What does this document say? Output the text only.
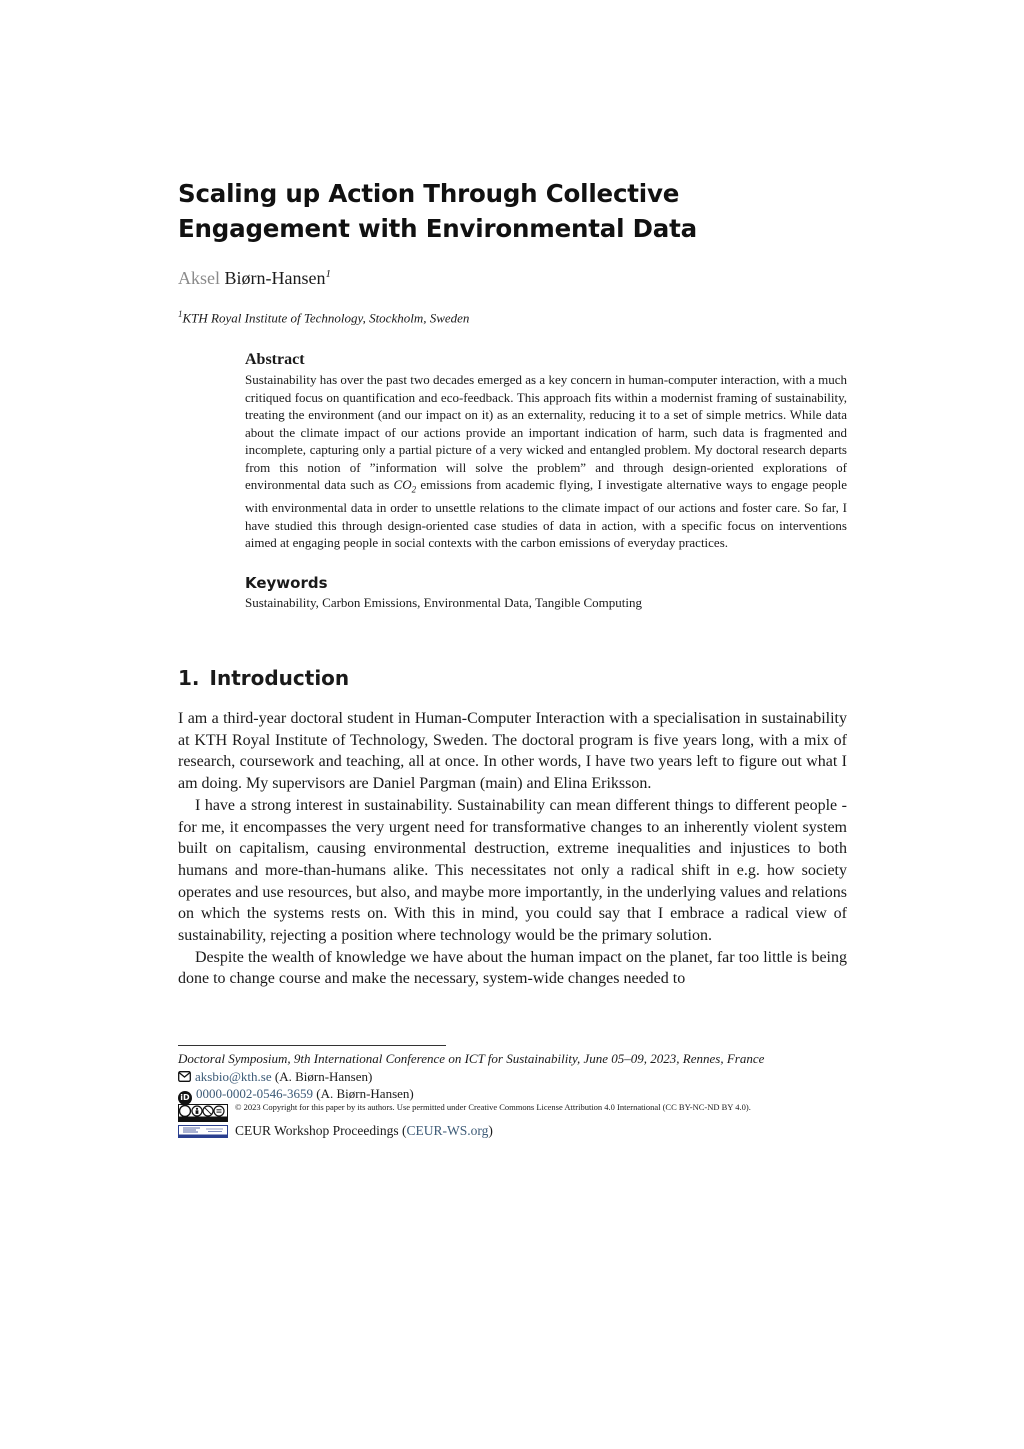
Scaling up Action Through Collective Engagement with Environmental Data

Aksel Biørn-Hansen$^1$

$^1$KTH Royal Institute of Technology, Stockholm, Sweden

Abstract

Sustainability has over the past two decades emerged as a key concern in human-computer interaction, with a much critiqued focus on quantification and eco-feedback. This approach fits within a modernist framing of sustainability, treating the environment (and our impact on it) as an externality, reducing it to a set of simple metrics. While data about the climate impact of our actions provide an important indication of harm, such data is fragmented and incomplete, capturing only a partial picture of a very wicked and entangled problem. My doctoral research departs from this notion of ”information will solve the problem” and through design-oriented explorations of environmental data such as $CO_2$ emissions from academic flying, I investigate alternative ways to engage people with environmental data in order to unsettle relations to the climate impact of our actions and foster care. So far, I have studied this through design-oriented case studies of data in action, with a specific focus on interventions aimed at engaging people in social contexts with the carbon emissions of everyday practices.

Keywords

Sustainability, Carbon Emissions, Environmental Data, Tangible Computing

1. Introduction

I am a third-year doctoral student in Human-Computer Interaction with a specialisation in sustainability at KTH Royal Institute of Technology, Sweden. The doctoral program is five years long, with a mix of research, coursework and teaching, all at once. In other words, I have two years left to figure out what I am doing. My supervisors are Daniel Pargman (main) and Elina Eriksson.

I have a strong interest in sustainability. Sustainability can mean different things to different people - for me, it encompasses the very urgent need for transformative changes to an inherently violent system built on capitalism, causing environmental destruction, extreme inequalities and injustices to both humans and more-than-humans alike. This necessitates not only a radical shift in e.g. how society operates and use resources, but also, and maybe more importantly, in the underlying values and relations on which the systems rests on. With this in mind, you could say that I embrace a radical view of sustainability, rejecting a position where technology would be the primary solution.

Despite the wealth of knowledge we have about the human impact on the planet, far too little is being done to change course and make the necessary, system-wide changes needed to

Doctoral Symposium, 9th International Conference on ICT for Sustainability, June 05–09, 2023, Rennes, France

aksbio@kth.se (A. Biørn-Hansen)

iD 0000-0002-0546-3659 (A. Biørn-Hansen)

© 2023 Copyright for this paper by its authors. Use permitted under Creative Commons License Attribution 4.0 International (CC BY-NC-ND BY 4.0).

CEUR Workshop Proceedings (CEUR-WS.org)
